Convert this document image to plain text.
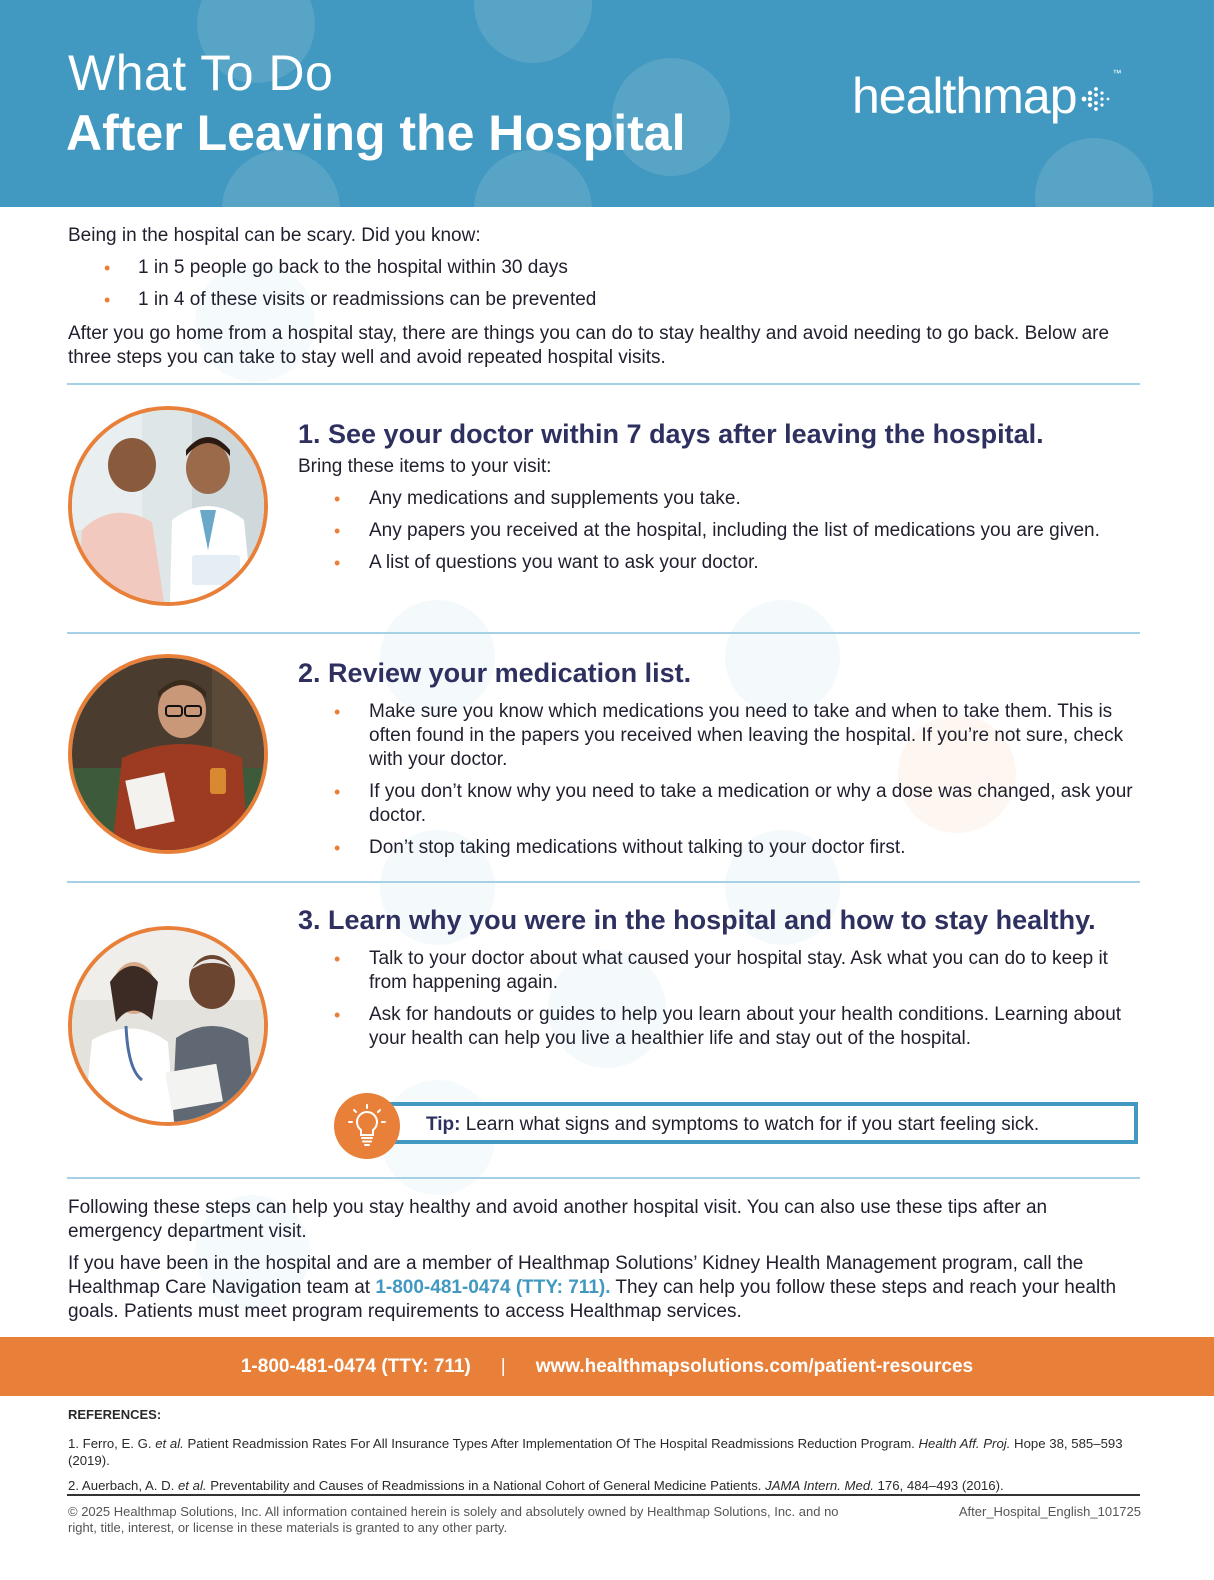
What To Do
After Leaving the Hospital
healthmap	™

Being in the hospital can be scary. Did you know:

• 1 in 5 people go back to the hospital within 30 days
• 1 in 4 of these visits or readmissions can be prevented

After you go home from a hospital stay, there are things you can do to stay healthy and avoid needing to go back. Below are three steps you can take to stay well and avoid repeated hospital visits.

1. See your doctor within 7 days after leaving the hospital.

Bring these items to your visit:

• Any medications and supplements you take.
• Any papers you received at the hospital, including the list of medications you are given.
• A list of questions you want to ask your doctor.
2. Review your medication list.
• Make sure you know which medications you need to take and when to take them. This is often found in the papers you received when leaving the hospital. If you’re not sure, check with your doctor.
• If you don’t know why you need to take a medication or why a dose was changed, ask your doctor.
• Don’t stop taking medications without talking to your doctor first.
3. Learn why you were in the hospital and how to stay healthy.
• Talk to your doctor about what caused your hospital stay. Ask what you can do to keep it from happening again.
• Ask for handouts or guides to help you learn about your health conditions. Learning about your health can help you live a healthier life and stay out of the hospital.
Tip: Learn what signs and symptoms to watch for if you start feeling sick.

Following these steps can help you stay healthy and avoid another hospital visit. You can also use these tips after an emergency department visit.

If you have been in the hospital and are a member of Healthmap Solutions’ Kidney Health Management program, call the Healthmap Care Navigation team at 1-800-481-0474 (TTY: 711). They can help you follow these steps and reach your health goals. Patients must meet program requirements to access Healthmap services.

1-800-481-0474 (TTY: 711) | www.healthmapsolutions.com/patient-resources
REFERENCES:

1. Ferro, E. G. et al. Patient Readmission Rates For All Insurance Types After Implementation Of The Hospital Readmissions Reduction Program. Health Aff. Proj. Hope 38, 585–593 (2019).

2. Auerbach, A. D. et al. Preventability and Causes of Readmissions in a National Cohort of General Medicine Patients. JAMA Intern. Med. 176, 484–493 (2016).

© 2025 Healthmap Solutions, Inc. All information contained herein is solely and absolutely owned by Healthmap Solutions, Inc. and no right, title, interest, or license in these materials is granted to any other party.
After_Hospital_English_101725
